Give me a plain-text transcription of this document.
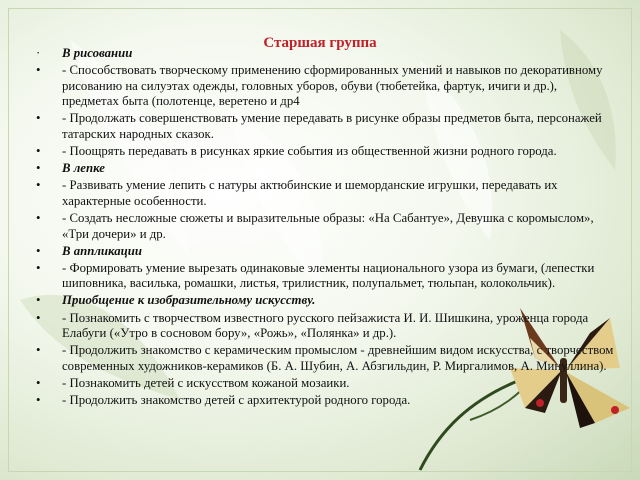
Старшая группа
·	В рисовании
•	- Способствовать творческому применению сформированных умений и навыков по декоративному рисованию на силуэтах одежды, головных уборов, обуви (тюбетейка, фартук, ичиги и др.), предметах быта (полотенце, веретено и др4
•	- Продолжать совершенствовать умение передавать в рисунке образы предметов быта, персонажей татарских народных сказок.
•	- Поощрять передавать в рисунках яркие события из общественной жизни родного города.
•	В лепке
•	- Развивать умение лепить с натуры актюбинские и шеморданские игрушки, передавать их характерные особенности.
•	- Создать несложные сюжеты и выразительные образы: «На Сабантуе», Девушка с коромыслом», «Три дочери» и др.
•	В аппликации
•	- Формировать умение вырезать одинаковые элементы национального узора из бумаги, (лепестки шиповника, василька, ромашки, листья, трилистник, полупальмет, тюльпан, колокольчик).
•	Приобщение к изобразительному искусству.
•	- Познакомить с творчеством известного русского пейзажиста И. И. Шишкина, уроженца города Елабуги («Утро в сосновом бору», «Рожь», «Полянка» и др.).
•	- Продолжить знакомство с керамическим промыслом - древнейшим видом искусства, с творчеством современных художников-керамиков (Б. А. Шубин, А. Абзгильдин, Р. Миргалимов, А. Минуллина).
•	- Познакомить детей с искусством кожаной мозаики.
•	- Продолжить знакомство детей с архитектурой родного города.
